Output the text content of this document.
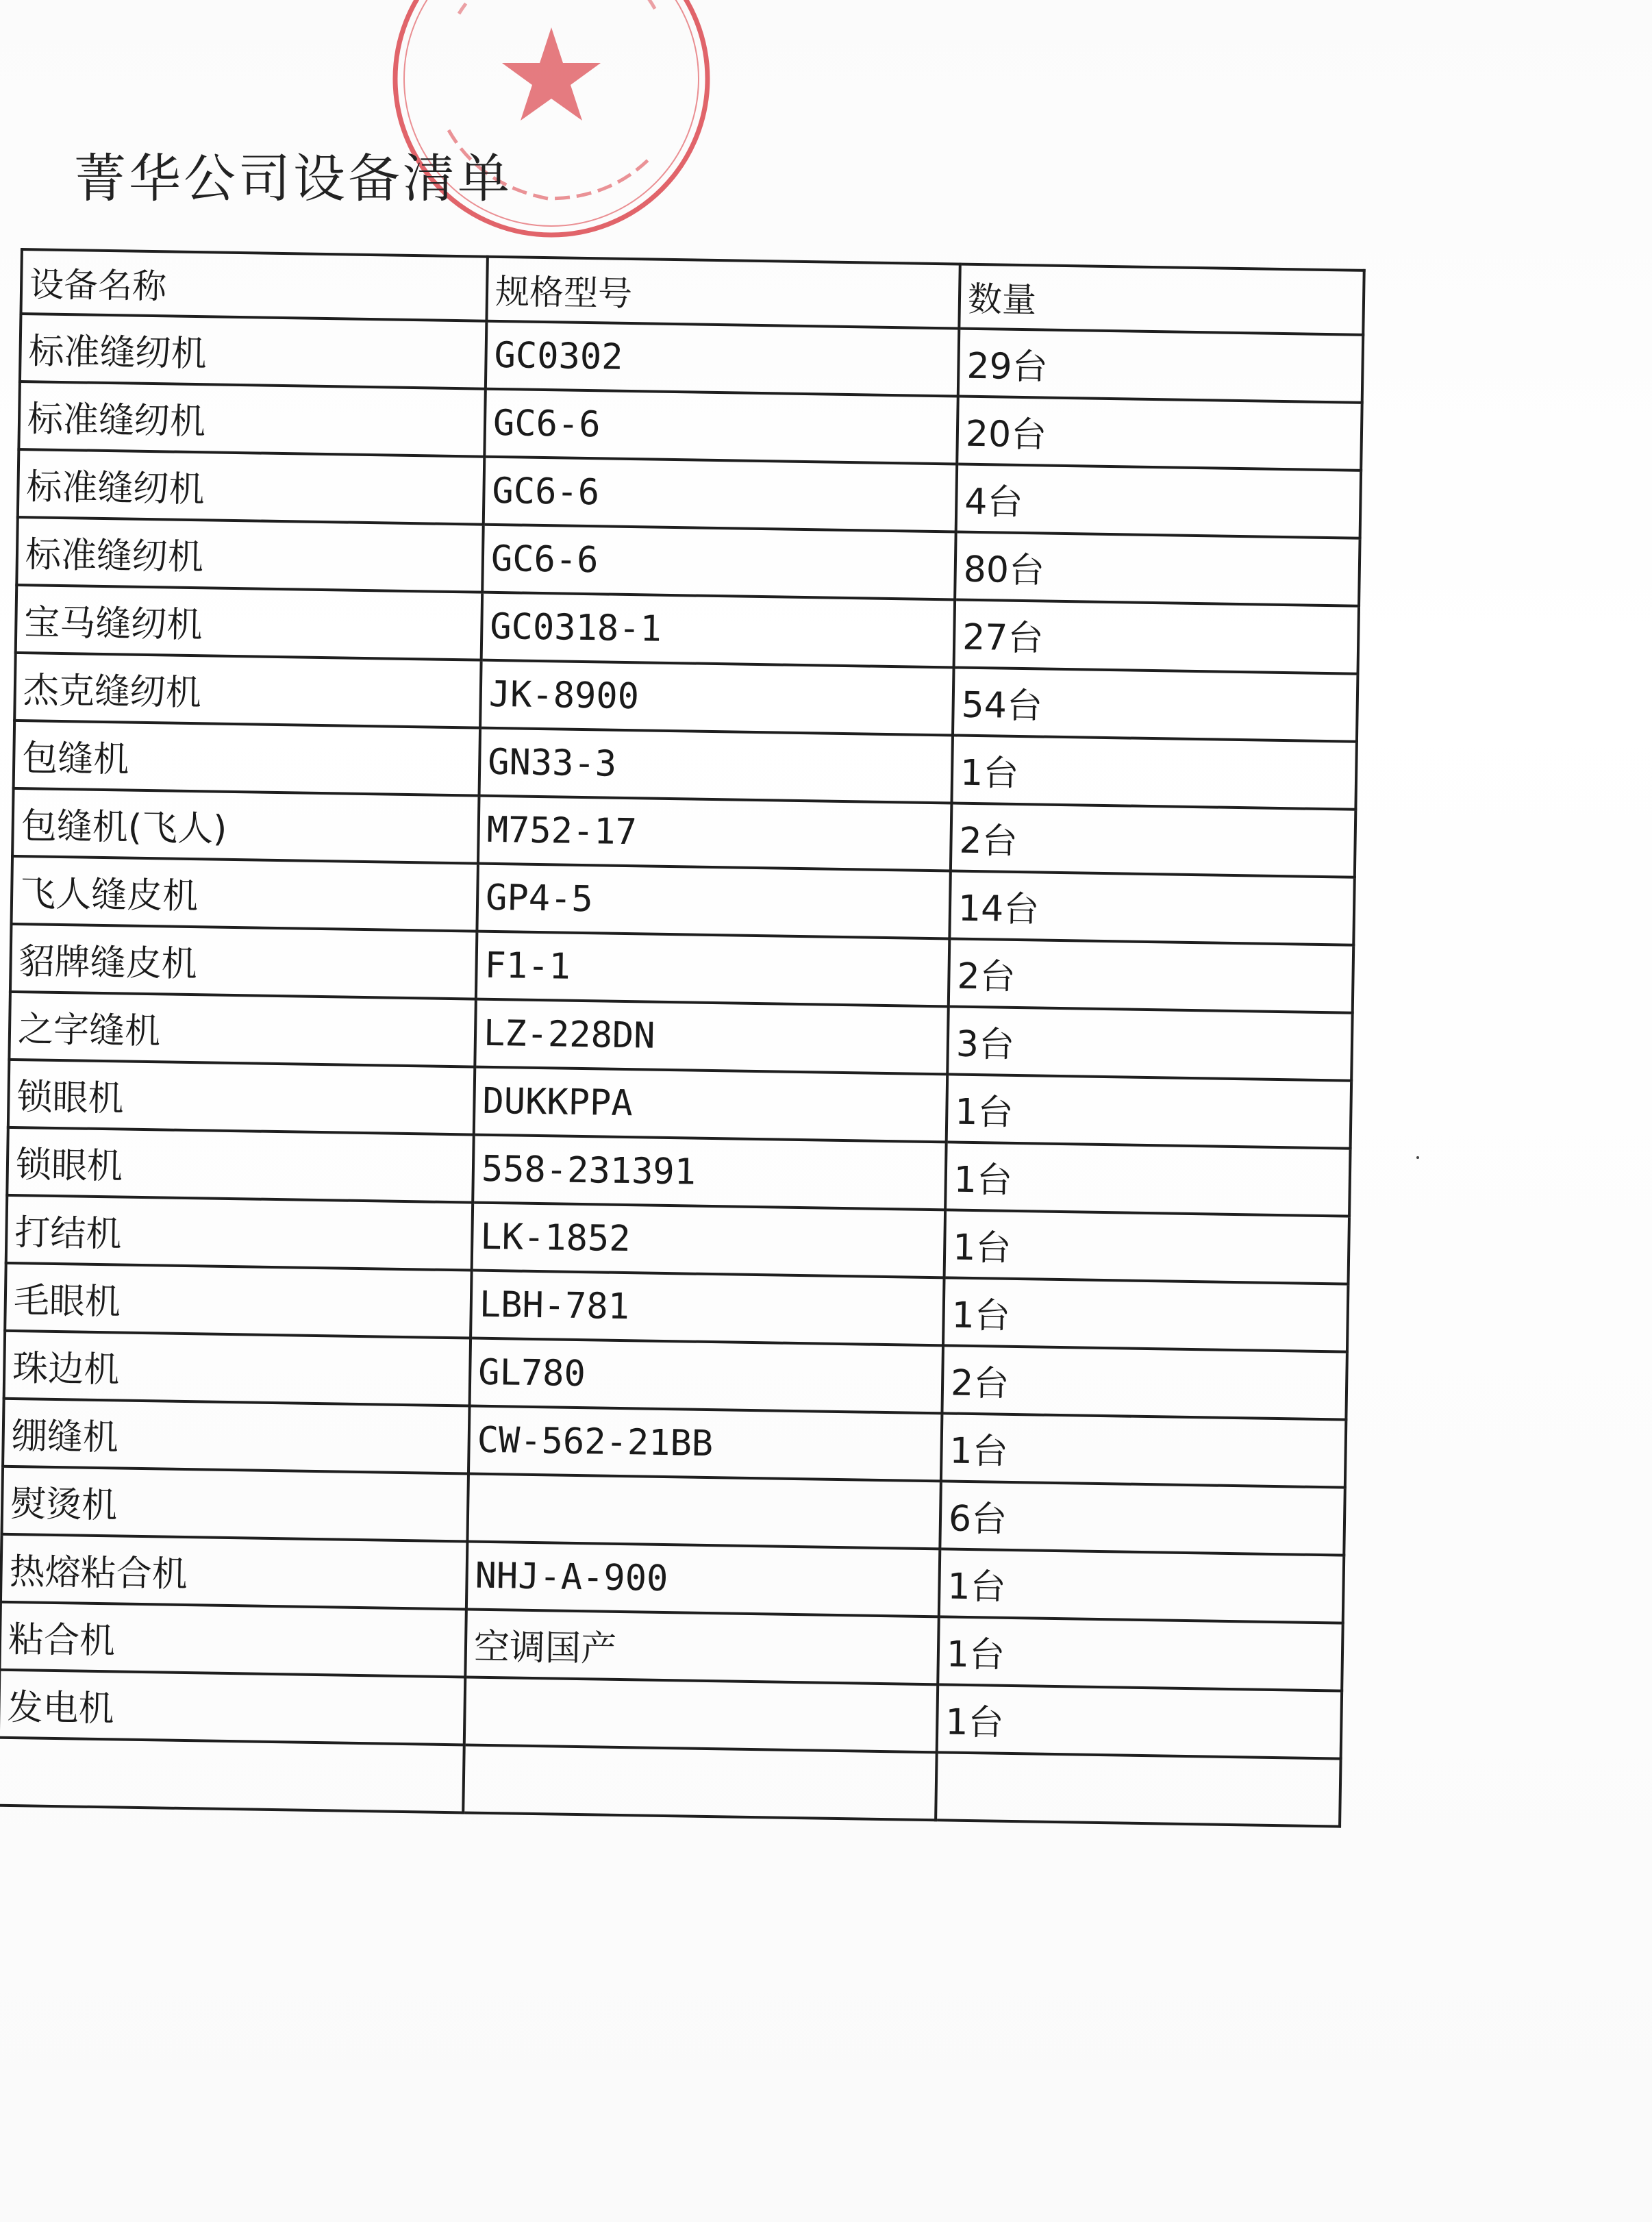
菁华公司设备清单
设备名称	规格型号	数量
标准缝纫机	GC0302	29台
标准缝纫机	GC6-6	20台
标准缝纫机	GC6-6	4台
标准缝纫机	GC6-6	80台
宝马缝纫机	GC0318-1	27台
杰克缝纫机	JK-8900	54台
包缝机	GN33-3	1台
包缝机(飞人)	M752-17	2台
飞人缝皮机	GP4-5	14台
貂牌缝皮机	F1-1	2台
之字缝机	LZ-228DN	3台
锁眼机	DUKKPPA	1台
锁眼机	558-231391	1台
打结机	LK-1852	1台
毛眼机	LBH-781	1台
珠边机	GL780	2台
绷缝机	CW-562-21BB	1台
熨烫机		6台
热熔粘合机	NHJ-A-900	1台
粘合机	空调国产	1台
发电机		1台
